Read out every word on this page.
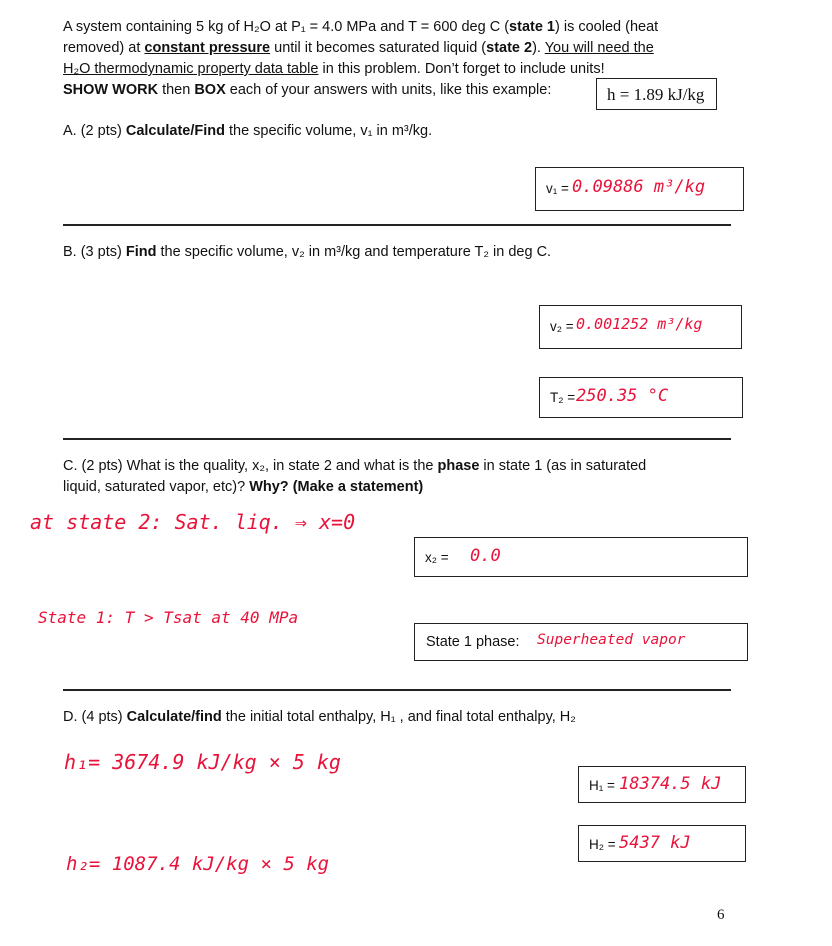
A system containing 5 kg of H₂O at P₁ = 4.0 MPa and T = 600 deg C (state 1) is cooled (heat
removed) at constant pressure until it becomes saturated liquid (state 2). You will need the
H₂O thermodynamic property data table in this problem. Don’t forget to include units!
SHOW WORK then BOX each of your answers with units, like this example:	h = 1.89 kJ/kg
A. (2 pts) Calculate/Find the specific volume, v₁ in m³/kg.
v₁ = 0.09886 m³/kg
B. (3 pts) Find the specific volume, v₂ in m³/kg and temperature T₂ in deg C.
v₂ = 0.001252 m³/kg
T₂ = 250.35 °C
C. (2 pts) What is the quality, x₂, in state 2 and what is the phase in state 1 (as in saturated
liquid, saturated vapor, etc)? Why? (Make a statement)
at state 2: Sat. liq. ⇒ x=0
x₂ = 0.0
State 1: T > Tsat at 40 MPa
State 1 phase: Superheated vapor
D. (4 pts) Calculate/find the initial total enthalpy, H₁ , and final total enthalpy, H₂
h₁= 3674.9 kJ/kg × 5 kg
h₂= 1087.4 kJ/kg × 5 kg
H₁ = 18374.5 kJ
H₂ = 5437 kJ
6
